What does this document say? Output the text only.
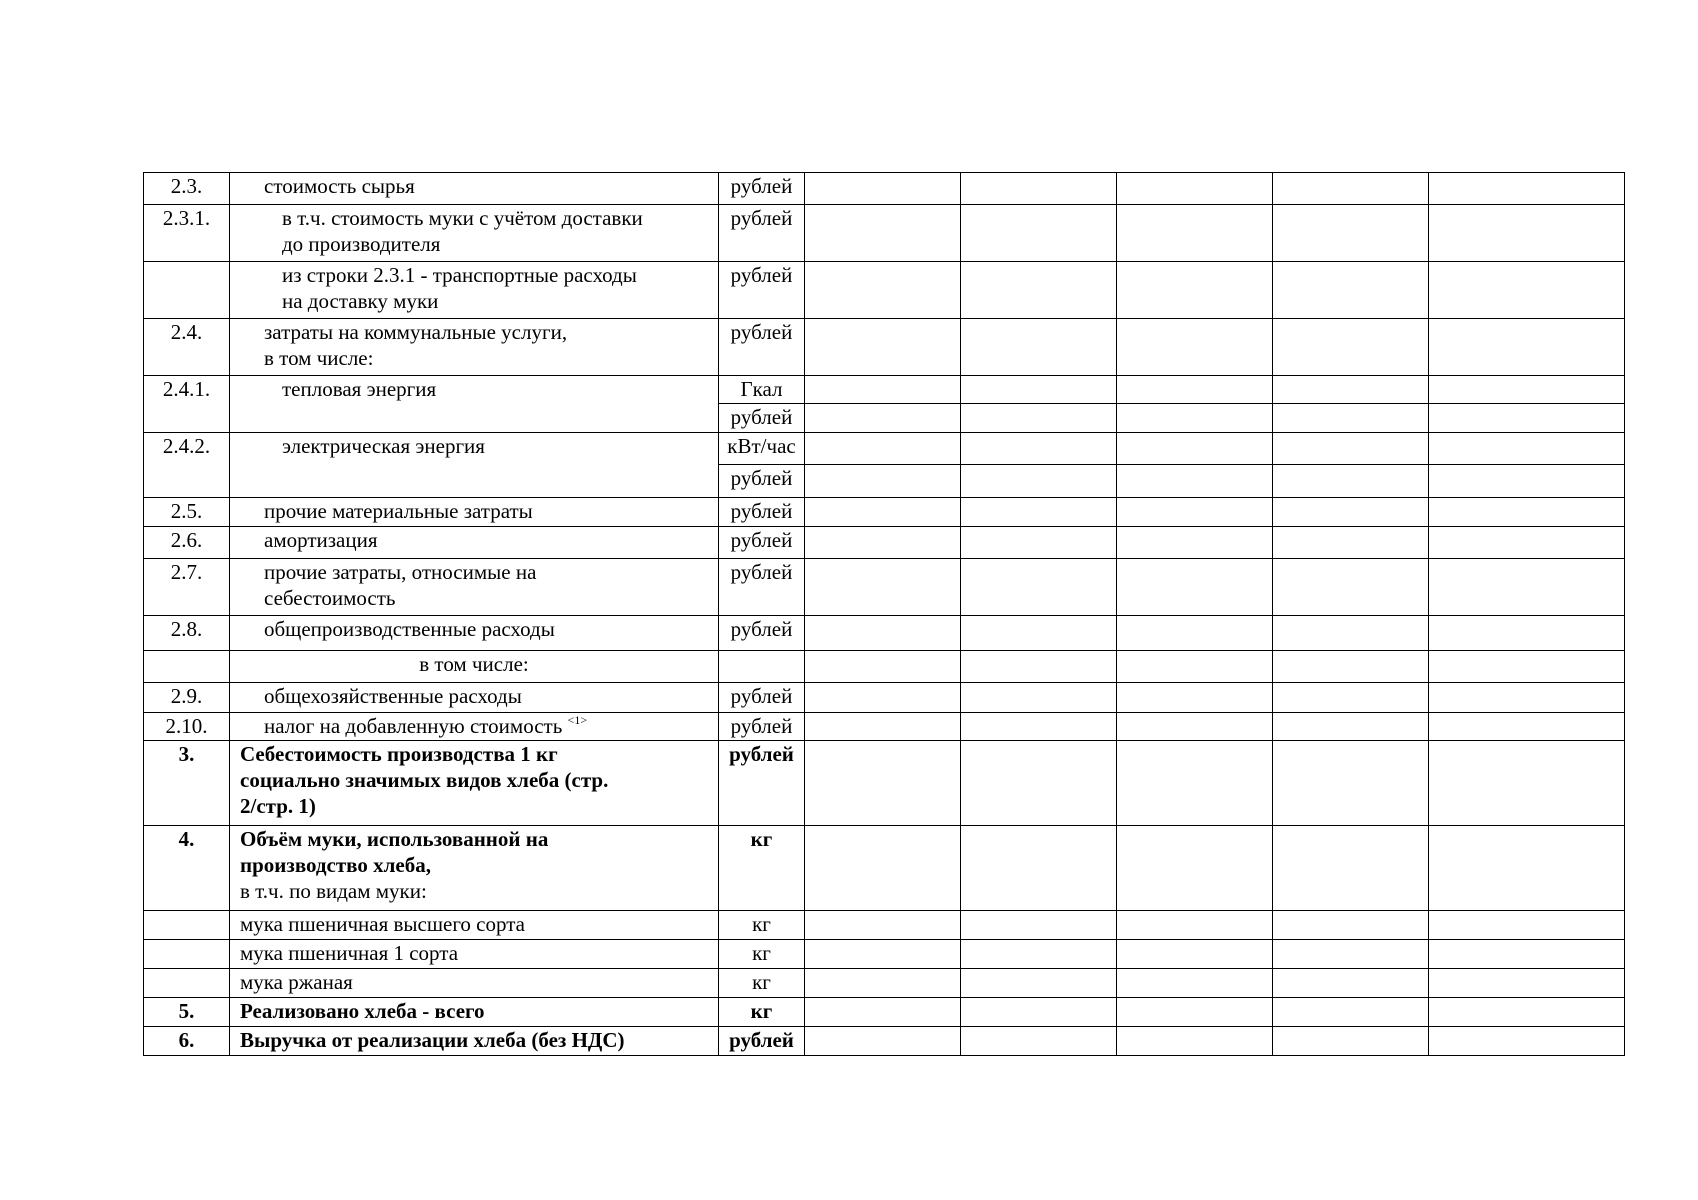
2.3.	стоимость сырья	рублей					
2.3.1.	в т.ч. стоимость муки с учётом доставки
до производителя	рублей					

	из строки 2.3.1 - транспортные расходы
на доставку муки	рублей					
2.4.	затраты на коммунальные услуги,
в том числе:	рублей					
2.4.1.	тепловая энергия	Гкал					
		рублей					
2.4.2.	электрическая энергия	кВт/час					
		рублей					
2.5.	прочие материальные затраты	рублей					
2.6.	амортизация	рублей					
2.7.	прочие затраты, относимые на
себестоимость	рублей					
2.8.	общепроизводственные расходы	рублей					

	в том числе:						

2.9.	общехозяйственные расходы	рублей					
2.10.	налог на добавленную стоимость $^{<1>}$	рублей					
3.	Себестоимость производства 1 кг
социально значимых видов хлеба (стр.
2/стр. 1)	рублей					
4.	Объём муки, использованной на
производство хлеба,
в т.ч. по видам муки:	кг					

	мука пшеничная высшего сорта	кг					

	мука пшеничная 1 сорта	кг					

	мука ржаная	кг					
5.	Реализовано хлеба - всего	кг					
6.	Выручка от реализации хлеба (без НДС)	рублей					
